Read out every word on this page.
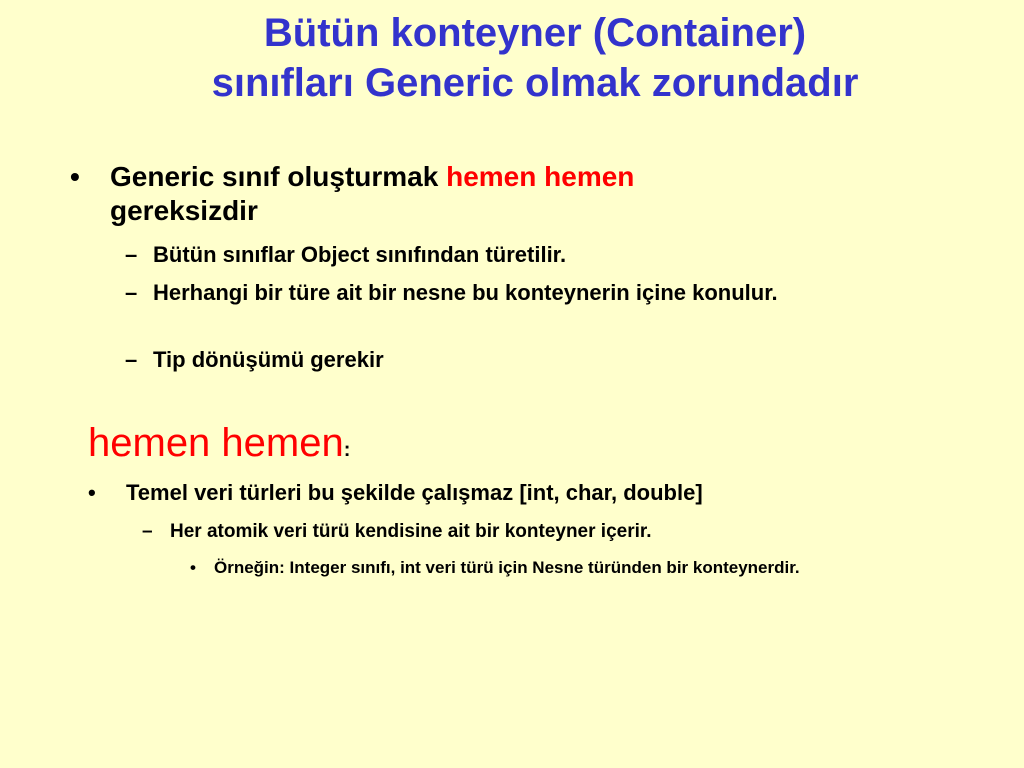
Bütün konteyner (Container)
sınıfları Generic olmak zorundadır
•	Generic sınıf oluşturmak hemen hemen
gereksizdir
– Bütün sınıflar Object sınıfından türetilir.
– Herhangi bir türe ait bir nesne bu konteynerin içine konulur.
– Tip dönüşümü gerekir
hemen hemen:
•	Temel veri türleri bu şekilde çalışmaz [int, char, double]
– Her atomik veri türü kendisine ait bir konteyner içerir.
•	Örneğin: Integer sınıfı, int veri türü için Nesne türünden bir konteynerdir.
